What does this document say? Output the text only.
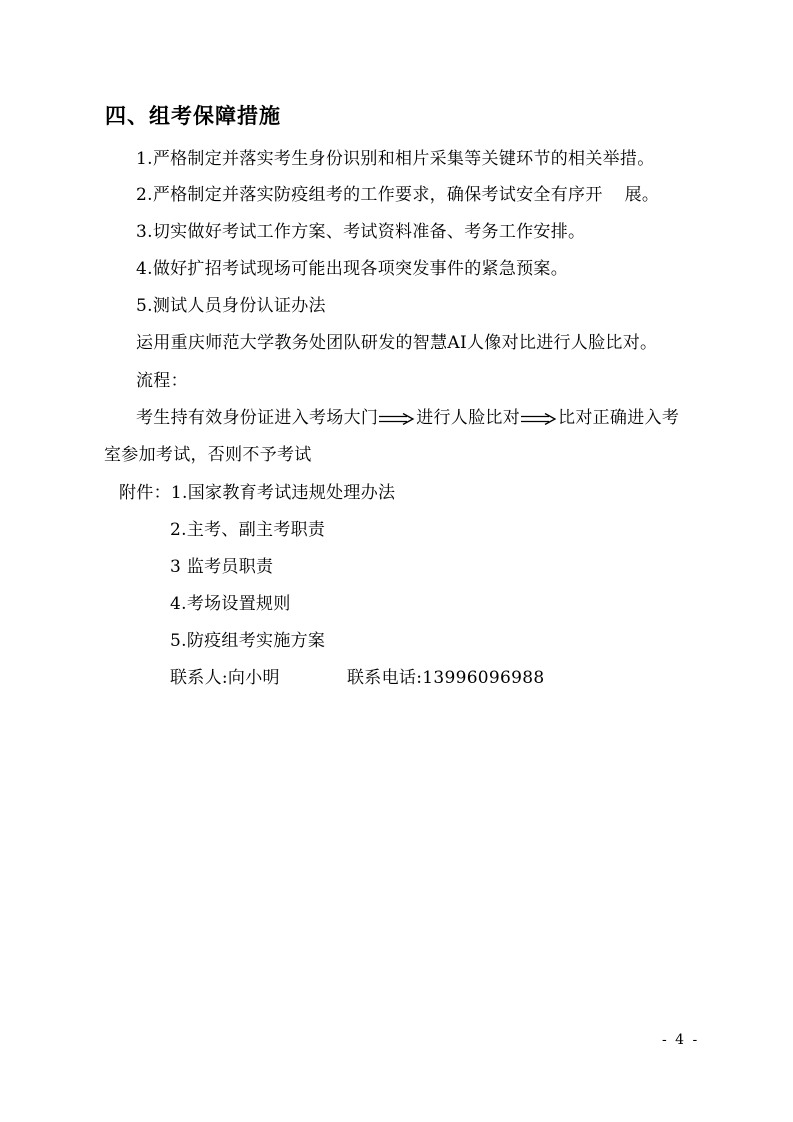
四、组考保障措施
1.严格制定并落实考生身份识别和相片采集等关键环节的相关举措。
2.严格制定并落实防疫组考的工作要求，确保考试安全有序开 展。
3.切实做好考试工作方案、考试资料准备、考务工作安排。
4.做好扩招考试现场可能出现各项突发事件的紧急预案。
5.测试人员身份认证办法
运用重庆师范大学教务处团队研发的智慧AI人像对比进行人脸比对。
流程：
考生持有效身份证进入考场大门 进行人脸比对 比对正确进入考
室参加考试，否则不予考试
附件：1.国家教育考试违规处理办法
2.主考、副主考职责
3 监考员职责
4.考场设置规则
5.防疫组考实施方案
联系人:向小明	联系电话:13996096988
- 4 -
